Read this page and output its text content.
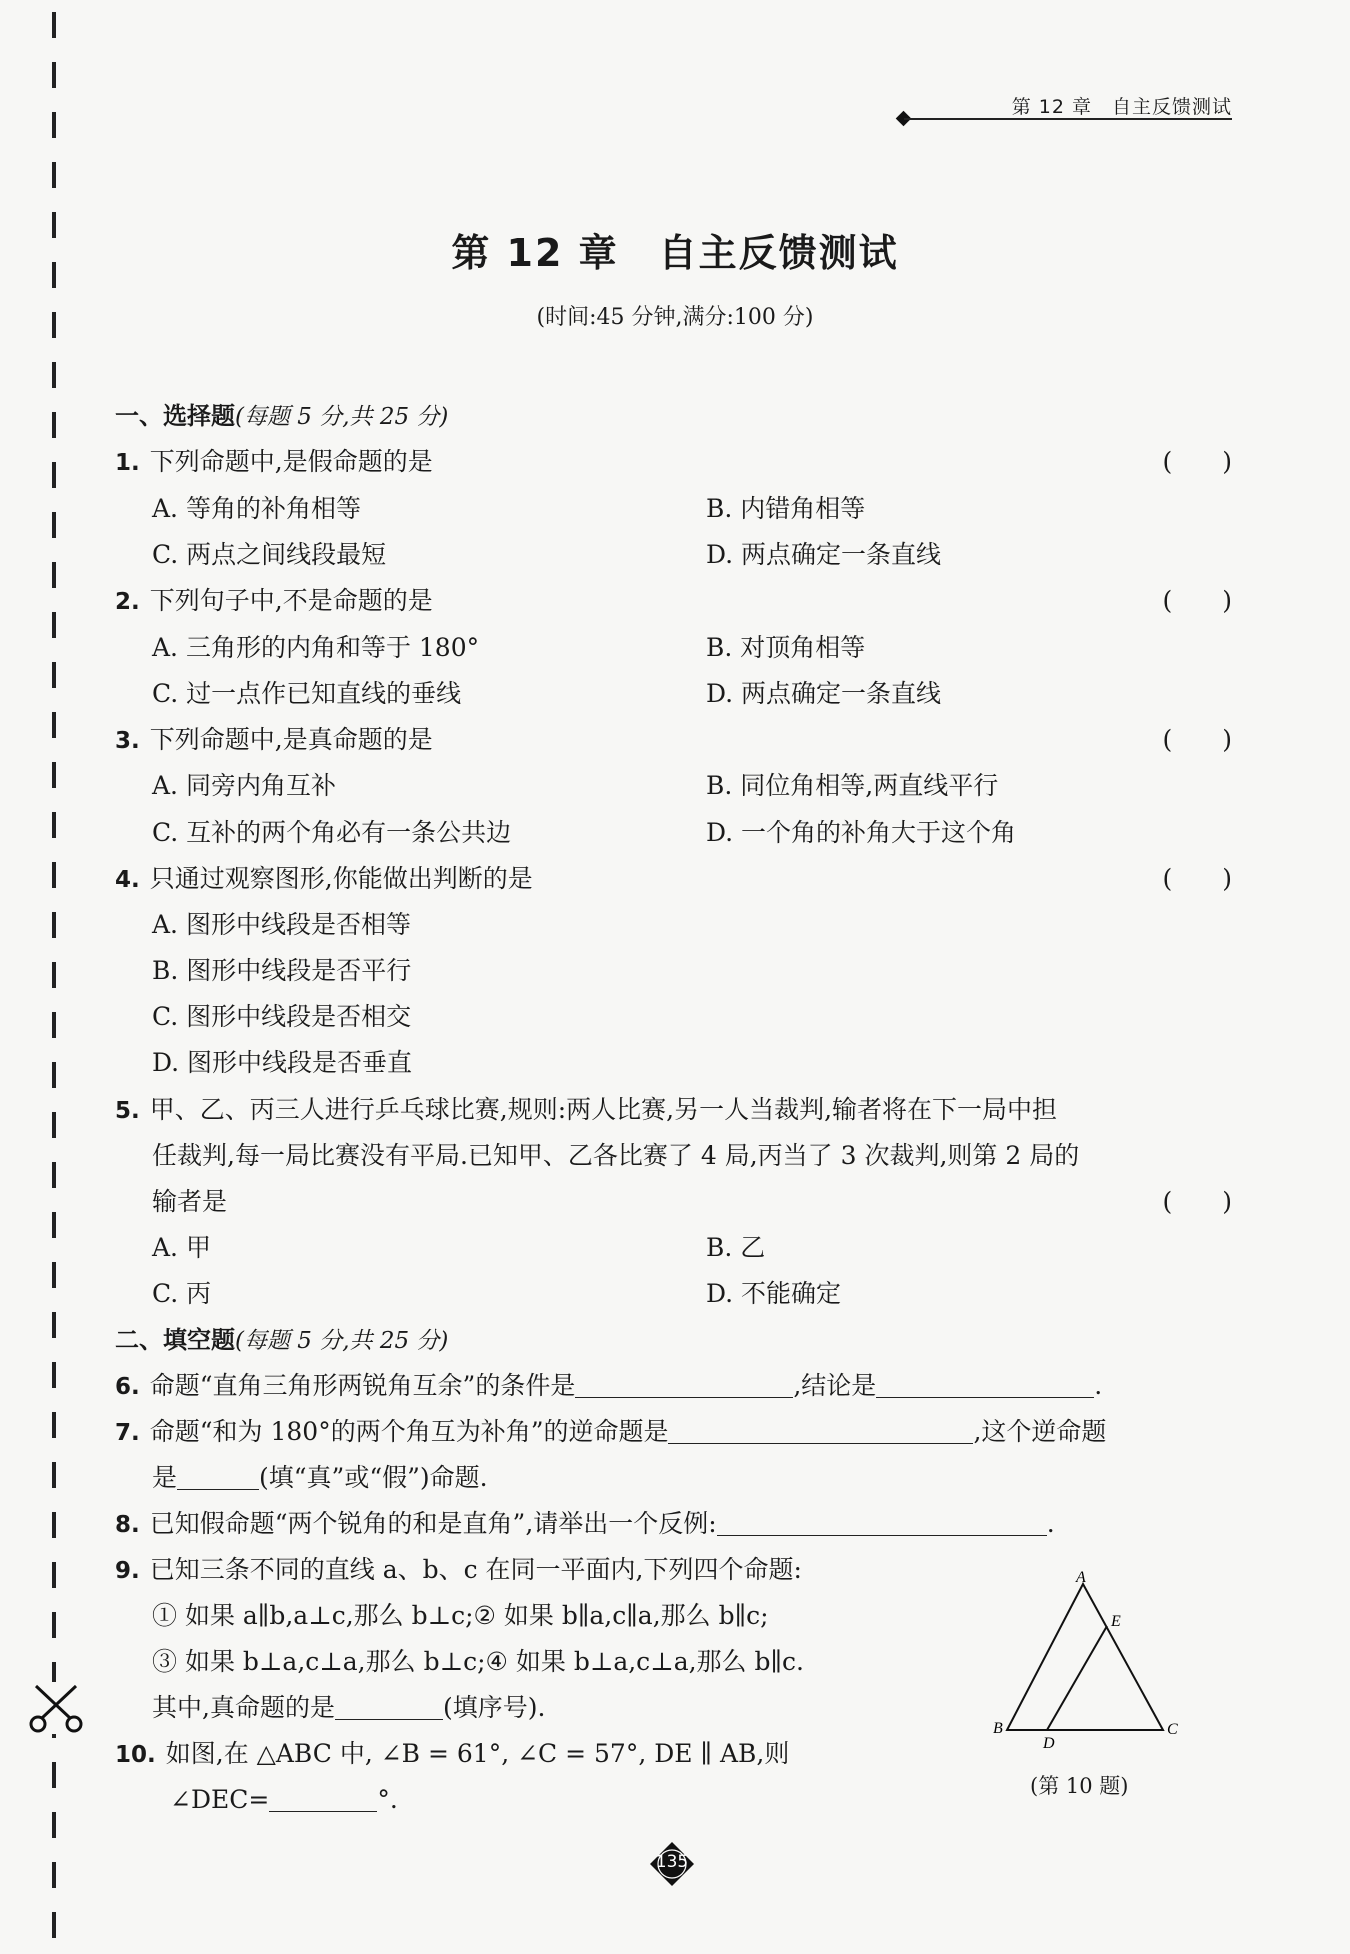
第 12 章　自主反馈测试
第 12 章　自主反馈测试
(时间:45 分钟,满分:100 分)
一、选择题(每题 5 分,共 25 分)
1. 下列命题中,是假命题的是	(　　)
A. 等角的补角相等	B. 内错角相等
C. 两点之间线段最短	D. 两点确定一条直线
2. 下列句子中,不是命题的是	(　　)
A. 三角形的内角和等于 180°	B. 对顶角相等
C. 过一点作已知直线的垂线	D. 两点确定一条直线
3. 下列命题中,是真命题的是	(　　)
A. 同旁内角互补	B. 同位角相等,两直线平行
C. 互补的两个角必有一条公共边	D. 一个角的补角大于这个角
4. 只通过观察图形,你能做出判断的是	(　　)
A. 图形中线段是否相等
B. 图形中线段是否平行
C. 图形中线段是否相交
D. 图形中线段是否垂直
5. 甲、乙、丙三人进行乒乓球比赛,规则:两人比赛,另一人当裁判,输者将在下一局中担
任裁判,每一局比赛没有平局.已知甲、乙各比赛了 4 局,丙当了 3 次裁判,则第 2 局的
输者是	(　　)
A. 甲	B. 乙
C. 丙	D. 不能确定
二、填空题(每题 5 分,共 25 分)
6. 命题“直角三角形两锐角互余”的条件是	,结论是	.
7. 命题“和为 180°的两个角互为补角”的逆命题是	,这个逆命题
是	(填“真”或“假”)命题.
8. 已知假命题“两个锐角的和是直角”,请举出一个反例:	.
9. 已知三条不同的直线 a、b、c 在同一平面内,下列四个命题:
① 如果 a∥b,a⊥c,那么 b⊥c;② 如果 b∥a,c∥a,那么 b∥c;
③ 如果 b⊥a,c⊥a,那么 b⊥c;④ 如果 b⊥a,c⊥a,那么 b∥c.
其中,真命题的是	(填序号).
10. 如图,在 △ABC 中, ∠B = 61°, ∠C = 57°, DE ∥ AB,则
∠DEC=	°.
A
B	C
D
E
(第 10 题)
135
